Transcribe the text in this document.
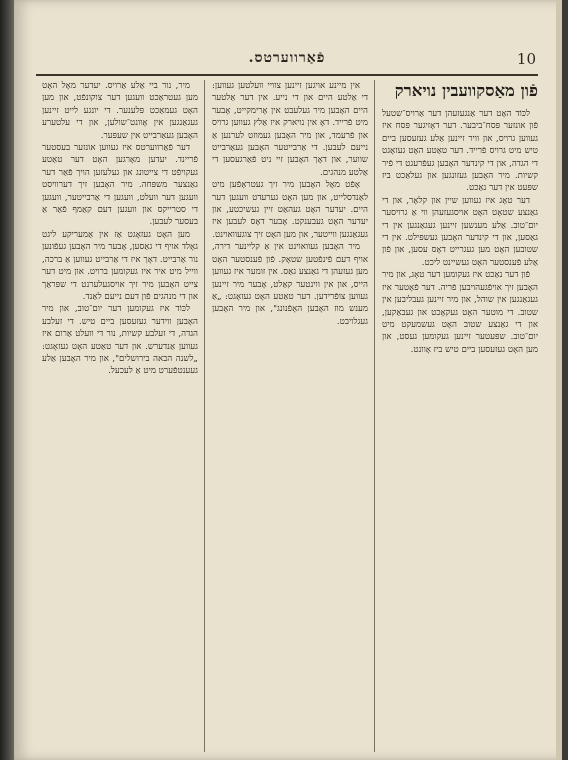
10
פֿאַרווערטס.
פֿון מאַסקוועבין נויארק

לכּוֹד האָט דער אַנגעזעהן דער אַרויס־שטעל פֿון אונזער פּסח־ביבער. דער דאָזיגער פּסח איז געווען גרויס, און וויר זיינען אַלע געזעסען ביים טיש מיט גרויס פֿרייד. דער טאַטע האָט געזאָגט די הגדה, און די קינדער האָבען געפֿרעגט די פֿיר קשיות. מיר האָבען געזונגען און געלאַכט ביז שפּעט אין דער נאַכט.

דער טאָג איז געווען שיין און קלאָר, און די גאַנצע שטאָט האָט אויסגעזעהן ווי אַ גרויסער יום־טוב. אַלע מענשען זיינען געגאַנגען אין די גאַסען, און די קינדער האָבען געשפּילט. אין די שטובען האָט מען געגרייט דאָס עסען, און פֿון אַלע פֿענסטער האָט געשיינט ליכט.

פֿון דער נאַכט איז געקומען דער טאָג, און מיר האָבען זיך אויפֿגעהויבען פֿריה. דער פֿאָטער איז געגאַנגען אין שוהל, און מיר זיינען געבליבען אין שטוב. די מוטער האָט געקאָכט און געבאַקען, און די גאַנצע שטוב האָט געשמעקט מיט יום־טוב. שפּעטער זיינען געקומען געסט, און מען האָט געזעסען ביים טיש ביז אָוונט.

אין מיינע אויגען זיינען צוויי וועלטען געווען: די אַלטע היים און די נייע. אין דער אַלטער היים האָבען מיר געלעבט אין אָרימקייט, אָבער מיט פֿרייד. דאָ אין נויארק איז אַלץ געווען גרויס און פֿרעמד, און מיר האָבען געמוזט לערנען אַ נייעם לעבען. די אַרבייטער האָבען געאַרבייט שווער, און דאָך האָבען זיי ניט פֿאַרגעסען די אַלטע מנהגים.

אָפֿט מאָל האָבען מיר זיך געטראָפֿען מיט לאַנדסלייט, און מען האָט גערעדט וועגען דער היים. יעדער האָט געהאַט זיין געשיכטע, און יעדער האָט געבענקט. אָבער דאָס לעבען איז געגאַנגען ווייטער, און מען האָט זיך צוגעוואוינט.

מיר האָבען געוואוינט אין אַ קליינער דירה, אויף דעם פֿינפֿטען שטאָק. פֿון פֿענסטער האָט מען געזעהן די גאַנצע גאַס. אין זומער איז געווען הייס, און אין ווינטער קאַלט, אָבער מיר זיינען געווען צופֿרידען. דער טאַטע האָט געזאָגט: „אַ מענש מוז האָבען האָפֿנונג", און מיר האָבען געגלויבט.

מיר, נור ביי אַלע אַרויס. יעדער מאָל האָט מען געטראַכט וועגען דער צוקונפֿט, און מען האָט געמאַכט פּלענער. די יונגע לייט זיינען געגאַנגען אין אָוונט־שולען, און די עלטערע האָבען געאַרבייט אין שעפּער.

דער פֿאַרווערטס איז געווען אונזער בעסטער פֿריינד. יעדען מאָרגען האָט דער טאַטע געקויפֿט די צייטונג און געלעזען הויך פֿאַר דער גאַנצער משפּחה. מיר האָבען זיך דערוויסט וועגען דער וועלט, וועגען די אַרבייטער, וועגען די סטרייקס און וועגען דעם קאַמף פֿאַר אַ בעסער לעבען.

מען האָט געזאָגט אַז אין אַמעריקע ליגט גאָלד אויף די גאַסען, אָבער מיר האָבען געפֿונען נור אַרבייט. דאָך איז די אַרבייט געווען אַ ברכה, ווייל מיט איר איז געקומען ברויט. און מיט דער צייט האָבען מיר זיך אויסגעלערנט די שפּראַך און די מנהגים פֿון דעם נייעם לאַנד.

לכּוֹד איז געקומען דער יום־טוב, און מיר האָבען ווידער געזעסען ביים טיש. די זעלבע הגדה, די זעלבע קשיות, נור די וועלט אַרום איז געווען אַנדערש. און דער טאַטע האָט געזאָגט: „לשנה הבאה בירושלים", און מיר האָבען אַלע געענטפֿערט מיט אַ לעכעל.
